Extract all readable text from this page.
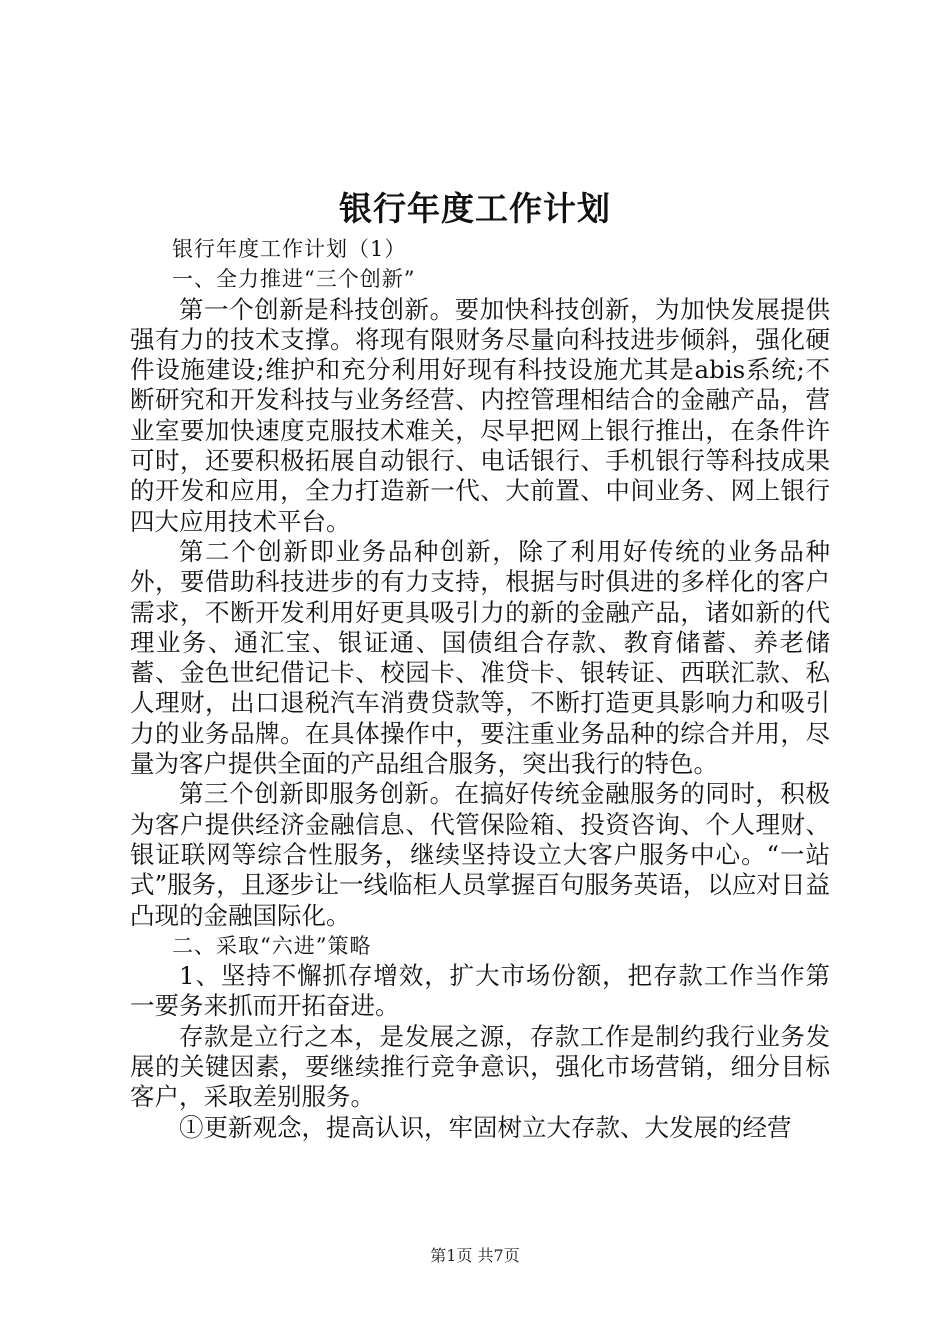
银行年度工作计划

银行年度工作计划（1）

一、全力推进“三个创新”

第一个创新是科技创新。要加快科技创新，为加快发展提供强有力的技术支撑。将现有限财务尽量向科技进步倾斜，强化硬件设施建设;维护和充分利用好现有科技设施尤其是abis系统;不断研究和开发科技与业务经营、内控管理相结合的金融产品，营业室要加快速度克服技术难关，尽早把网上银行推出，在条件许可时，还要积极拓展自动银行、电话银行、手机银行等科技成果的开发和应用，全力打造新一代、大前置、中间业务、网上银行四大应用技术平台。

第二个创新即业务品种创新，除了利用好传统的业务品种外，要借助科技进步的有力支持，根据与时俱进的多样化的客户需求，不断开发利用好更具吸引力的新的金融产品，诸如新的代理业务、通汇宝、银证通、国债组合存款、教育储蓄、养老储蓄、金色世纪借记卡、校园卡、准贷卡、银转证、西联汇款、私人理财，出口退税汽车消费贷款等，不断打造更具影响力和吸引力的业务品牌。在具体操作中，要注重业务品种的综合并用，尽量为客户提供全面的产品组合服务，突出我行的特色。

第三个创新即服务创新。在搞好传统金融服务的同时，积极为客户提供经济金融信息、代管保险箱、投资咨询、个人理财、银证联网等综合性服务，继续坚持设立大客户服务中心。“一站式”服务，且逐步让一线临柜人员掌握百句服务英语，以应对日益凸现的金融国际化。

二、采取“六进”策略

1、坚持不懈抓存增效，扩大市场份额，把存款工作当作第一要务来抓而开拓奋进。

存款是立行之本，是发展之源，存款工作是制约我行业务发展的关键因素，要继续推行竞争意识，强化市场营销，细分目标客户，采取差别服务。

①更新观念，提高认识，牢固树立大存款、大发展的经营

第1页 共7页
